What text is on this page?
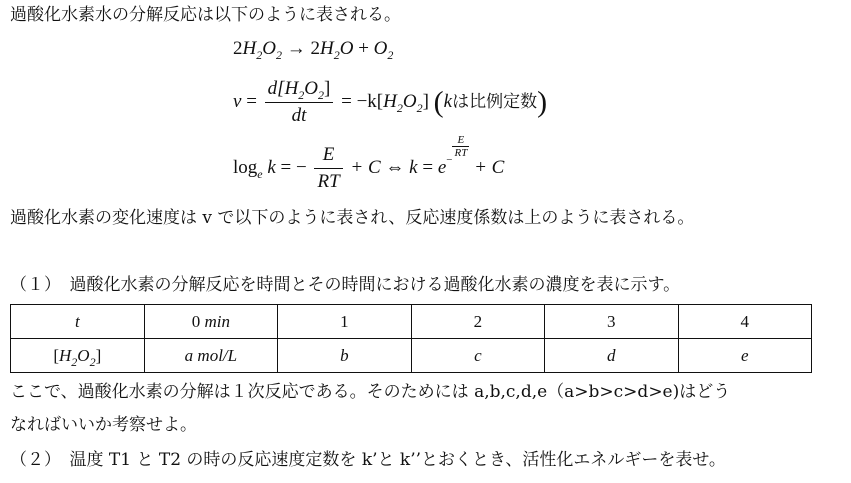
過酸化水素水の分解反応は以下のように表される。
$2H_2O_2 \to 2H_2O + O_2$
$v = \frac{d[H_2O_2]}{dt} = -k[H_2O_2]$ (kは比例定数)
$\log_e k$ = − $\frac{E}{RT} + C$ ⇔ k = e−
$\frac{E}{RT}$
+ C
過酸化水素の変化速度は v で以下のように表され、反応速度係数は上のように表される。
（１）　過酸化水素の分解反応を時間とその時間における過酸化水素の濃度を表に示す。
t	0 min	1	2	3	4
$[H_2O_2]$	a mol/L	b	c	d	e
ここで、過酸化水素の分解は１次反応である。そのためには a,b,c,d,e（a>b>c>d>e)はどう
なればいいか考察せよ。
（２）　温度 T1 と T2 の時の反応速度定数を k’と k’’とおくとき、活性化エネルギーを表せ。
